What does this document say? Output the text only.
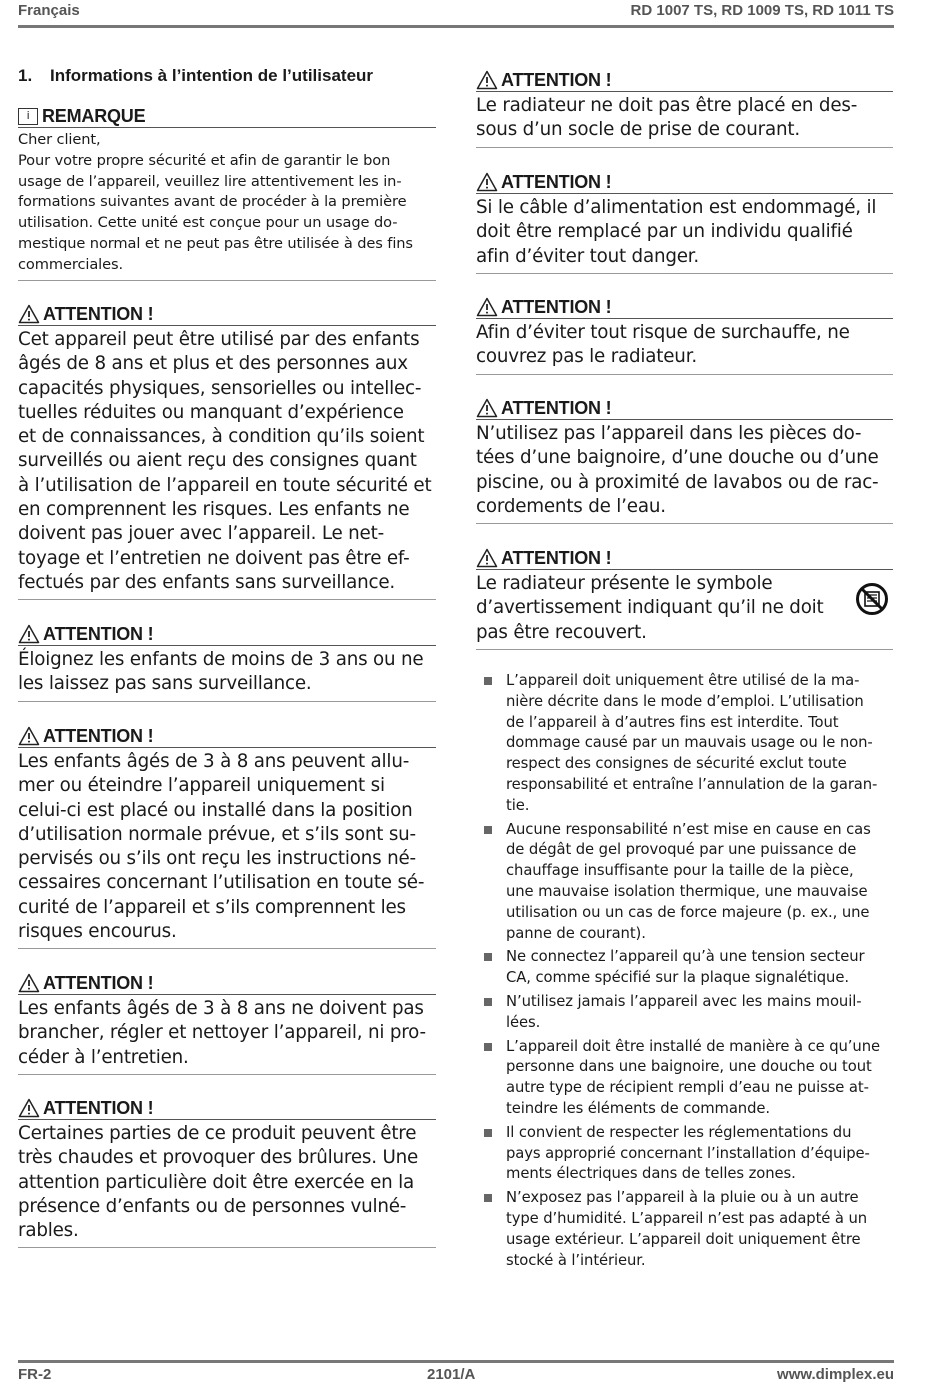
Français	RD 1007 TS, RD 1009 TS, RD 1011 TS
1. Informations à l’intention de l’utilisateur
i REMARQUE
Cher client,
Pour votre propre sécurité et afin de garantir le bon
usage de l’appareil, veuillez lire attentivement les in-
formations suivantes avant de procéder à la première
utilisation. Cette unité est conçue pour un usage do-
mestique normal et ne peut pas être utilisée à des fins
commerciales.
ATTENTION !
Cet appareil peut être utilisé par des enfants
âgés de 8 ans et plus et des personnes aux
capacités physiques, sensorielles ou intellec-
tuelles réduites ou manquant d’expérience
et de connaissances, à condition qu’ils soient
surveillés ou aient reçu des consignes quant
à l’utilisation de l’appareil en toute sécurité et
en comprennent les risques. Les enfants ne
doivent pas jouer avec l’appareil. Le net-
toyage et l’entretien ne doivent pas être ef-
fectués par des enfants sans surveillance.
ATTENTION !
Éloignez les enfants de moins de 3 ans ou ne
les laissez pas sans surveillance.
ATTENTION !
Les enfants âgés de 3 à 8 ans peuvent allu-
mer ou éteindre l’appareil uniquement si
celui-ci est placé ou installé dans la position
d’utilisation normale prévue, et s’ils sont su-
pervisés ou s’ils ont reçu les instructions né-
cessaires concernant l’utilisation en toute sé-
curité de l’appareil et s’ils comprennent les
risques encourus.
ATTENTION !
Les enfants âgés de 3 à 8 ans ne doivent pas
brancher, régler et nettoyer l’appareil, ni pro-
céder à l’entretien.
ATTENTION !
Certaines parties de ce produit peuvent être
très chaudes et provoquer des brûlures. Une
attention particulière doit être exercée en la
présence d’enfants ou de personnes vulné-
rables.
ATTENTION !
Le radiateur ne doit pas être placé en des-
sous d’un socle de prise de courant.
ATTENTION !
Si le câble d’alimentation est endommagé, il
doit être remplacé par un individu qualifié
afin d’éviter tout danger.
ATTENTION !
Afin d’éviter tout risque de surchauffe, ne
couvrez pas le radiateur.
ATTENTION !
N’utilisez pas l’appareil dans les pièces do-
tées d’une baignoire, d’une douche ou d’une
piscine, ou à proximité de lavabos ou de rac-
cordements de l’eau.
ATTENTION !
Le radiateur présente le symbole
d’avertissement indiquant qu’il ne doit
pas être recouvert.
L’appareil doit uniquement être utilisé de la ma-
nière décrite dans le mode d’emploi. L’utilisation
de l’appareil à d’autres fins est interdite. Tout
dommage causé par un mauvais usage ou le non-
respect des consignes de sécurité exclut toute
responsabilité et entraîne l’annulation de la garan-
tie.
Aucune responsabilité n’est mise en cause en cas
de dégât de gel provoqué par une puissance de
chauffage insuffisante pour la taille de la pièce,
une mauvaise isolation thermique, une mauvaise
utilisation ou un cas de force majeure (p. ex., une
panne de courant).
Ne connectez l’appareil qu’à une tension secteur
CA, comme spécifié sur la plaque signalétique.
N’utilisez jamais l’appareil avec les mains mouil-
lées.
L’appareil doit être installé de manière à ce qu’une
personne dans une baignoire, une douche ou tout
autre type de récipient rempli d’eau ne puisse at-
teindre les éléments de commande.
Il convient de respecter les réglementations du
pays approprié concernant l’installation d’équipe-
ments électriques dans de telles zones.
N’exposez pas l’appareil à la pluie ou à un autre
type d’humidité. L’appareil n’est pas adapté à un
usage extérieur. L’appareil doit uniquement être
stocké à l’intérieur.
FR-2	2101/A	www.dimplex.eu
